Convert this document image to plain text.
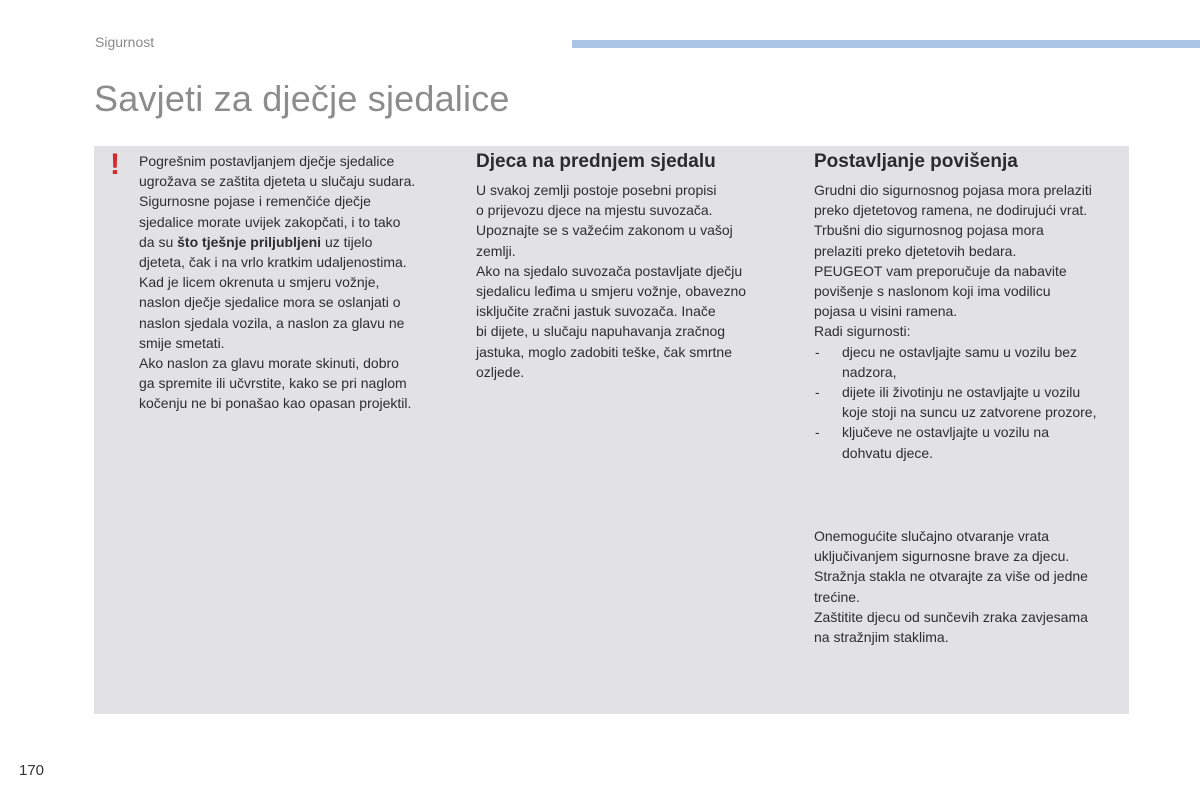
Sigurnost
Savjeti za dječje sjedalice
! Pogrešnim postavljanjem dječje sjedalice

ugrožava se zaštita djeteta u slučaju sudara.

Sigurnosne pojase i remenčiće dječje

sjedalice morate uvijek zakopčati, i to tako

da su što tješnje priljubljeni uz tijelo

djeteta, čak i na vrlo kratkim udaljenostima.

Kad je licem okrenuta u smjeru vožnje,

naslon dječje sjedalice mora se oslanjati o

naslon sjedala vozila, a naslon za glavu ne

smije smetati.

Ako naslon za glavu morate skinuti, dobro

ga spremite ili učvrstite, kako se pri naglom

kočenju ne bi ponašao kao opasan projektil.

Djeca na prednjem sjedalu

U svakoj zemlji postoje posebni propisi

o prijevozu djece na mjestu suvozača.

Upoznajte se s važećim zakonom u vašoj

zemlji.

Ako na sjedalo suvozača postavljate dječju

sjedalicu leđima u smjeru vožnje, obavezno

isključite zračni jastuk suvozača. Inače

bi dijete, u slučaju napuhavanja zračnog

jastuka, moglo zadobiti teške, čak smrtne

ozljede.

Postavljanje povišenja

Grudni dio sigurnosnog pojasa mora prelaziti

preko djetetovog ramena, ne dodirujući vrat.

Trbušni dio sigurnosnog pojasa mora

prelaziti preko djetetovih bedara.

PEUGEOT vam preporučuje da nabavite

povišenje s naslonom koji ima vodilicu

pojasa u visini ramena.

Radi sigurnosti:

- djecu ne ostavljajte samu u vozilu bez
nadzora,
- dijete ili životinju ne ostavljajte u vozilu
koje stoji na suncu uz zatvorene prozore,
- ključeve ne ostavljajte u vozilu na
dohvatu djece.

Onemogućite slučajno otvaranje vrata

uključivanjem sigurnosne brave za djecu.

Stražnja stakla ne otvarajte za više od jedne

trećine.

Zaštitite djecu od sunčevih zraka zavjesama

na stražnjim staklima.

170
